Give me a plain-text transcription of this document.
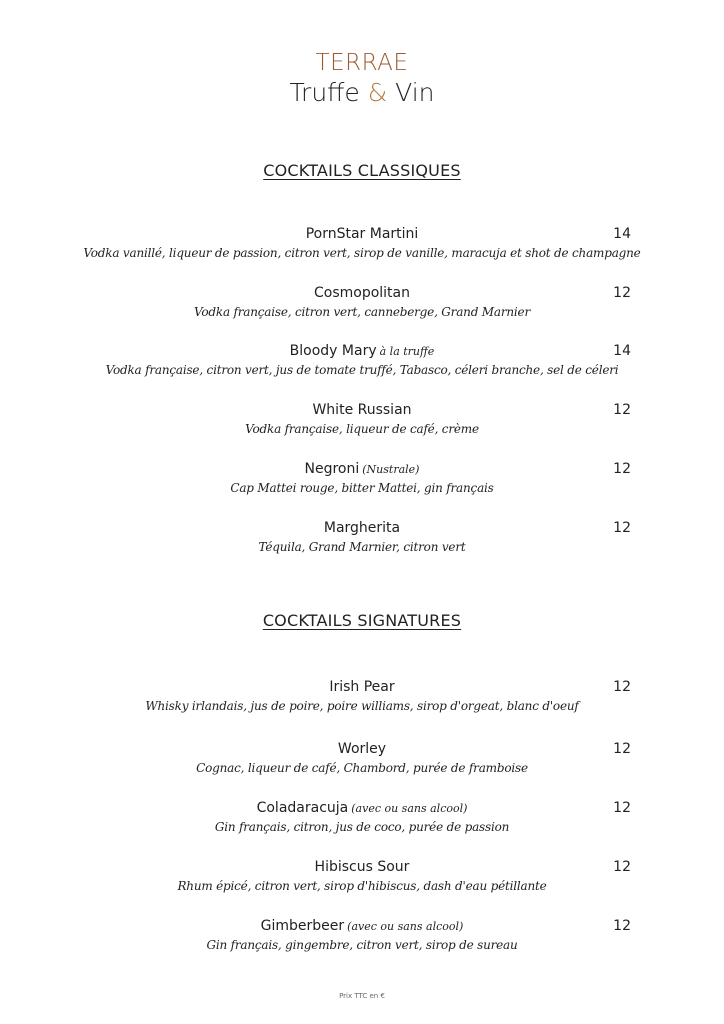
TERRAE
Truffe & Vin
COCKTAILS CLASSIQUES
PornStar Martini	14
Vodka vanillé, liqueur de passion, citron vert, sirop de vanille, maracuja et shot de champagne
Cosmopolitan	12
Vodka française, citron vert, canneberge, Grand Marnier
Bloody Mary à la truffe	14
Vodka française, citron vert, jus de tomate truffé, Tabasco, céleri branche, sel de céleri
White Russian	12
Vodka française, liqueur de café, crème
Negroni (Nustrale)	12
Cap Mattei rouge, bitter Mattei, gin français
Margherita	12
Téquila, Grand Marnier, citron vert
COCKTAILS SIGNATURES
Irish Pear	12
Whisky irlandais, jus de poire, poire williams, sirop d'orgeat, blanc d'oeuf
Worley	12
Cognac, liqueur de café, Chambord, purée de framboise
Coladaracuja (avec ou sans alcool)	12
Gin français, citron, jus de coco, purée de passion
Hibiscus Sour	12
Rhum épicé, citron vert, sirop d'hibiscus, dash d'eau pétillante
Gimberbeer (avec ou sans alcool)	12
Gin français, gingembre, citron vert, sirop de sureau
Prix TTC en €
